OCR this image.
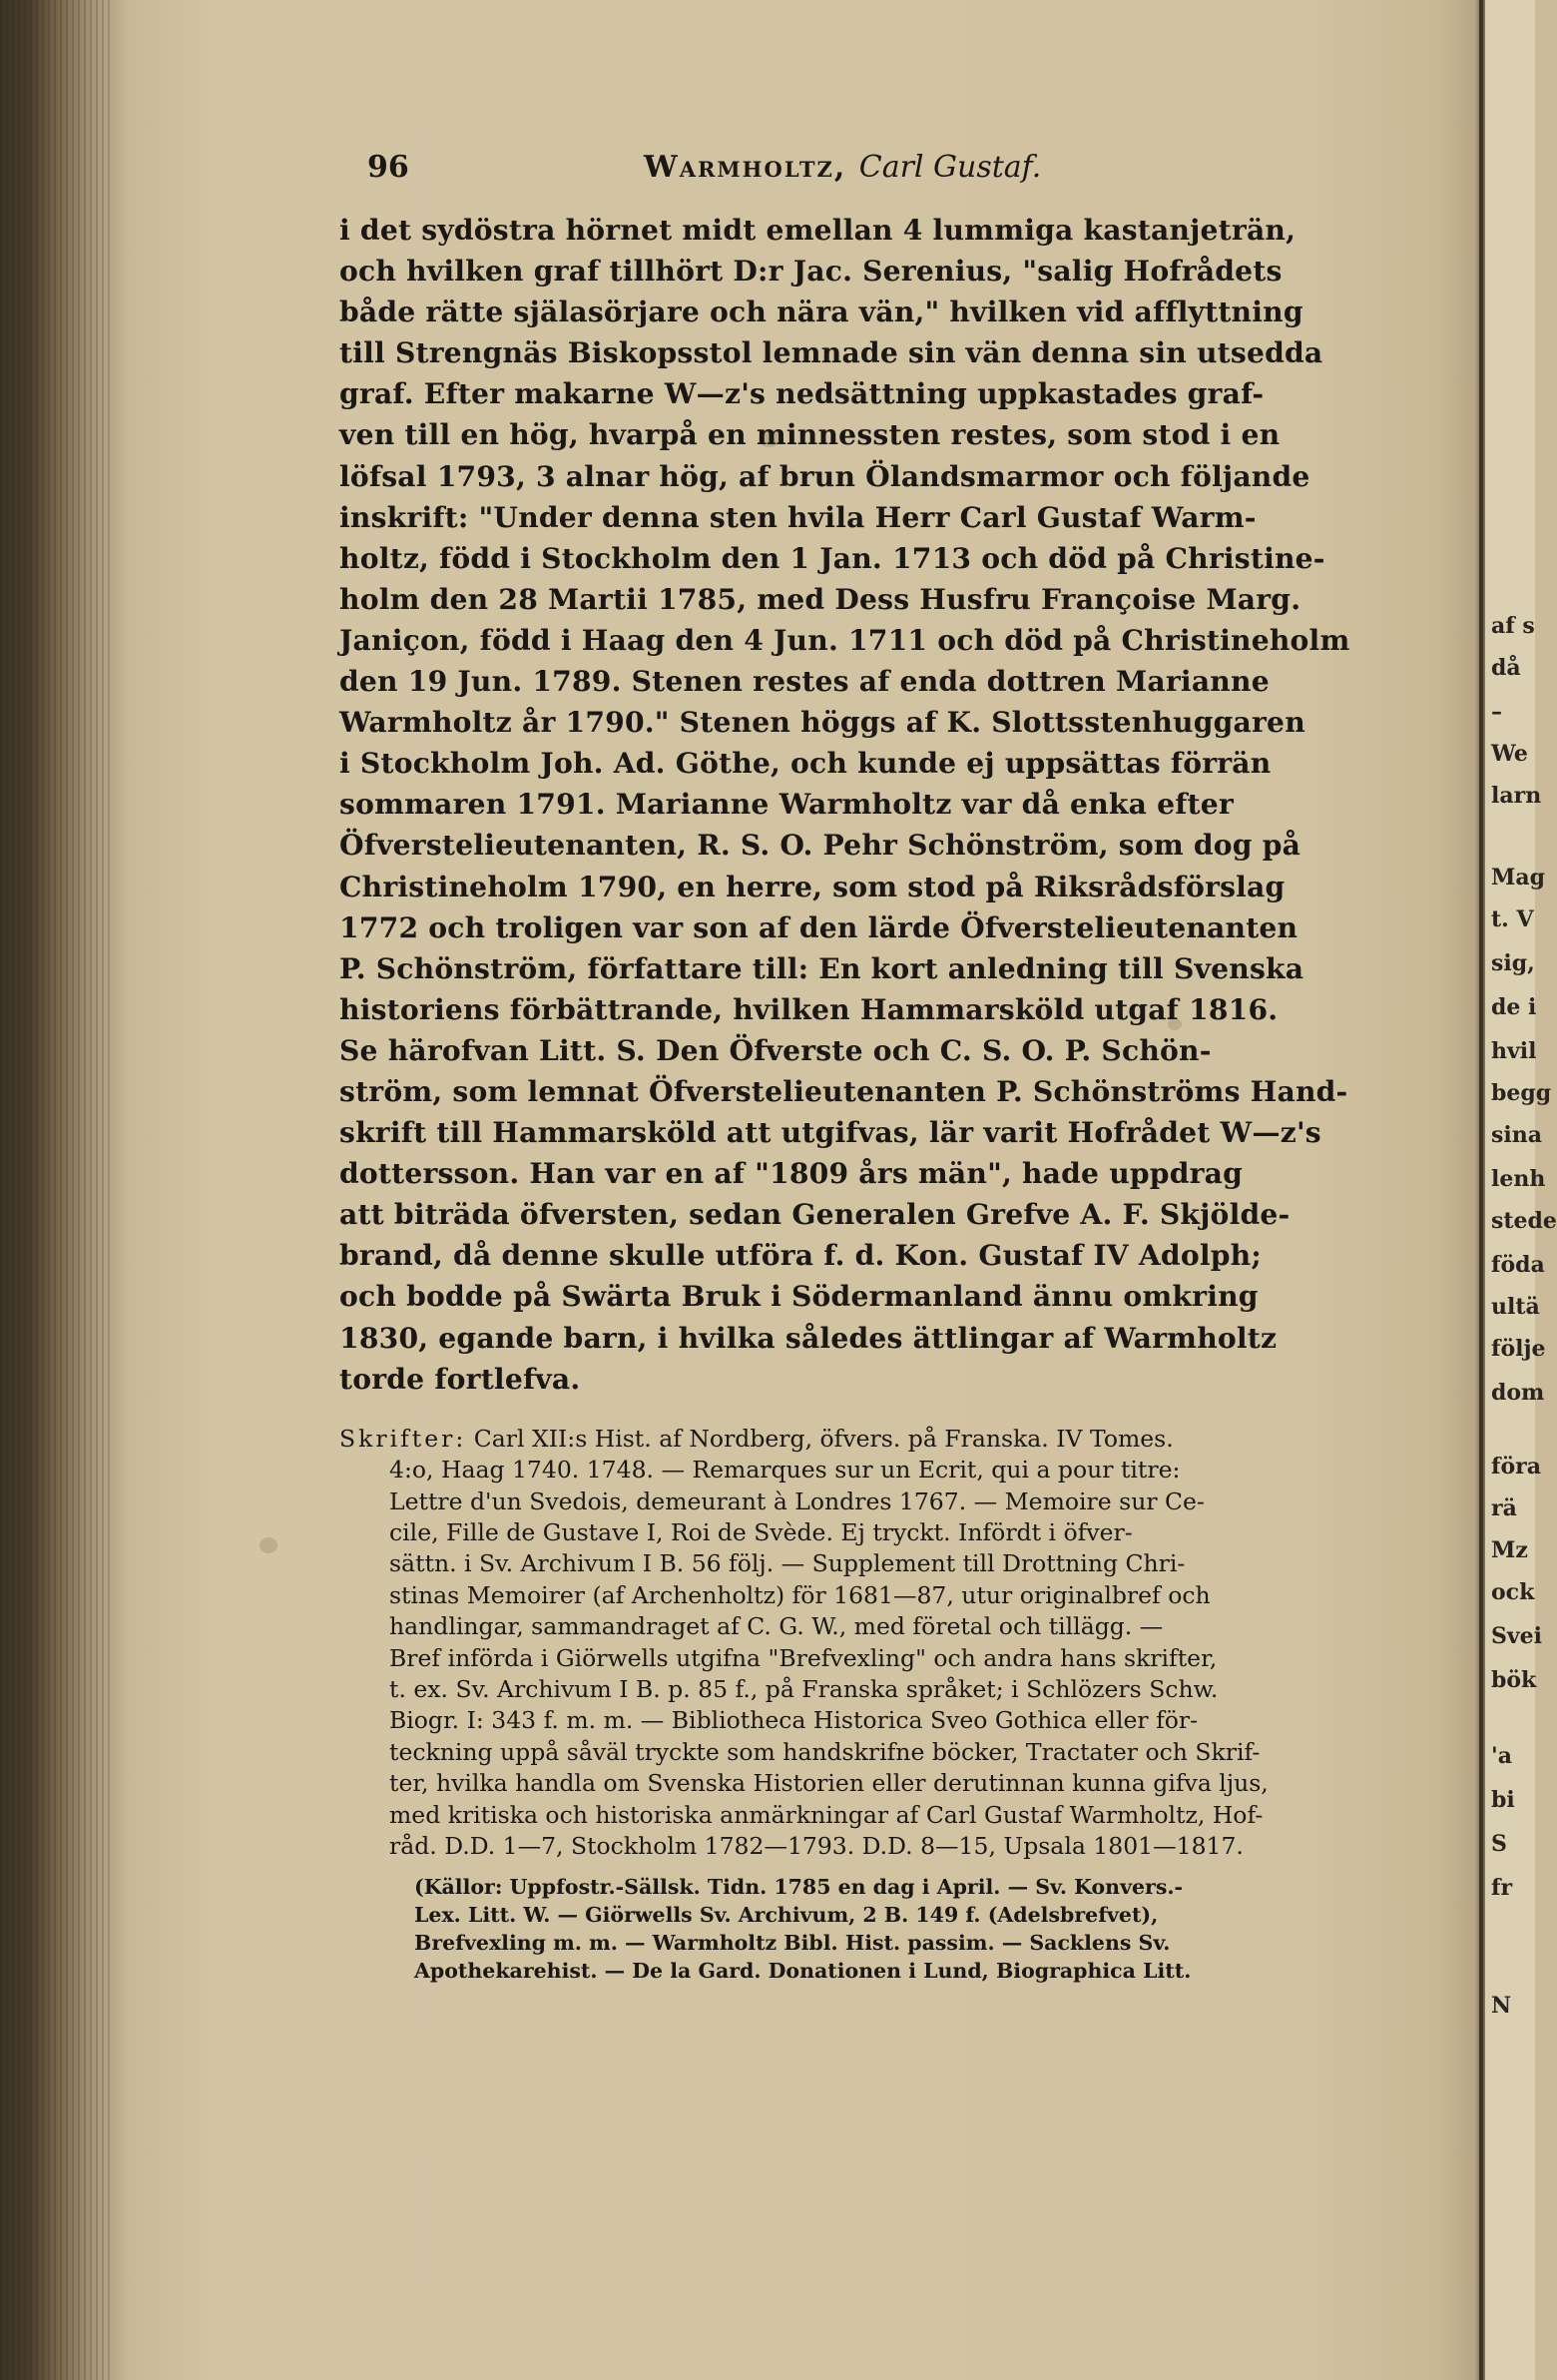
af s
då
–
We
larn
Mag
t. V
sig,
de i
hvil
begg
sina
lenh
stede
föda
ultä
följe
dom
föra
rä
Mz
ock
Svei
bök
'a
bi
S
fr
N
96	Warmholtz, Carl Gustaf.

i det sydöstra hörnet midt emellan 4 lummiga kastanjeträn,
och hvilken graf tillhört D:r Jac. Serenius, "salig Hofrådets
både rätte själasörjare och nära vän," hvilken vid afflyttning
till Strengnäs Biskopsstol lemnade sin vän denna sin utsedda
graf. Efter makarne W—z's nedsättning uppkastades graf-
ven till en hög, hvarpå en minnessten restes, som stod i en
löfsal 1793, 3 alnar hög, af brun Ölandsmarmor och följande
inskrift: "Under denna sten hvila Herr Carl Gustaf Warm-
holtz, född i Stockholm den 1 Jan. 1713 och död på Christine-
holm den 28 Martii 1785, med Dess Husfru Françoise Marg.
Janiçon, född i Haag den 4 Jun. 1711 och död på Christineholm
den 19 Jun. 1789. Stenen restes af enda dottren Marianne
Warmholtz år 1790." Stenen höggs af K. Slottsstenhuggaren
i Stockholm Joh. Ad. Göthe, och kunde ej uppsättas förrän
sommaren 1791. Marianne Warmholtz var då enka efter
Öfverstelieutenanten, R. S. O. Pehr Schönström, som dog på
Christineholm 1790, en herre, som stod på Riksrådsförslag
1772 och troligen var son af den lärde Öfverstelieutenanten
P. Schönström, författare till: En kort anledning till Svenska
historiens förbättrande, hvilken Hammarsköld utgaf 1816.
Se härofvan Litt. S. Den Öfverste och C. S. O. P. Schön-
ström, som lemnat Öfverstelieutenanten P. Schönströms Hand-
skrift till Hammarsköld att utgifvas, lär varit Hofrådet W—z's
dottersson. Han var en af "1809 års män", hade uppdrag
att biträda öfversten, sedan Generalen Grefve A. F. Skjölde-
brand, då denne skulle utföra f. d. Kon. Gustaf IV Adolph;
och bodde på Swärta Bruk i Södermanland ännu omkring
1830, egande barn, i hvilka således ättlingar af Warmholtz
torde fortlefva.

Skrifter: Carl XII:s Hist. af Nordberg, öfvers. på Franska. IV Tomes.
4:o, Haag 1740. 1748. — Remarques sur un Ecrit, qui a pour titre:
Lettre d'un Svedois, demeurant à Londres 1767. — Memoire sur Ce-
cile, Fille de Gustave I, Roi de Svède. Ej tryckt. Infördt i öfver-
sättn. i Sv. Archivum I B. 56 följ. — Supplement till Drottning Chri-
stinas Memoirer (af Archenholtz) för 1681—87, utur originalbref och
handlingar, sammandraget af C. G. W., med företal och tillägg. —
Bref införda i Giörwells utgifna "Brefvexling" och andra hans skrifter,
t. ex. Sv. Archivum I B. p. 85 f., på Franska språket; i Schlözers Schw.
Biogr. I: 343 f. m. m. — Bibliotheca Historica Sveo Gothica eller för-
teckning uppå såväl tryckte som handskrifne böcker, Tractater och Skrif-
ter, hvilka handla om Svenska Historien eller derutinnan kunna gifva ljus,
med kritiska och historiska anmärkningar af Carl Gustaf Warmholtz, Hof-
råd. D.D. 1—7, Stockholm 1782—1793. D.D. 8—15, Upsala 1801—1817.

(Källor: Uppfostr.-Sällsk. Tidn. 1785 en dag i April. — Sv. Konvers.-
Lex. Litt. W. — Giörwells Sv. Archivum, 2 B. 149 f. (Adelsbrefvet),
Brefvexling m. m. — Warmholtz Bibl. Hist. passim. — Sacklens Sv.
Apothekarehist. — De la Gard. Donationen i Lund, Biographica Litt.
